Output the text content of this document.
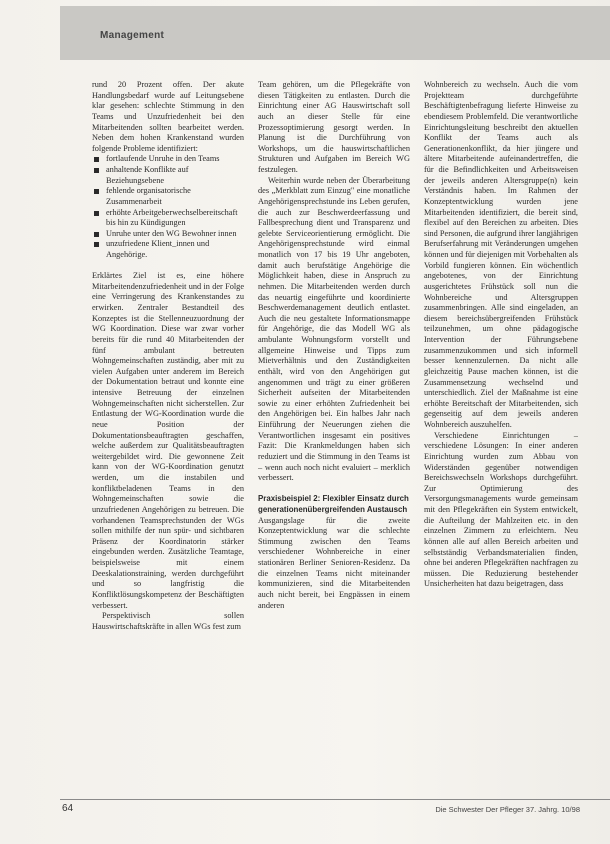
Management

rund 20 Prozent offen. Der akute Handlungsbedarf wurde auf Leitungsebene klar gesehen: schlechte Stimmung in den Teams und Unzufriedenheit bei den Mitarbeitenden sollten bearbeitet werden. Neben dem hohen Krankenstand wurden folgende Probleme identifiziert:

fortlaufende Unruhe in den Teams
anhaltende Konflikte auf Beziehungsebene
fehlende organisatorische Zusammenarbeit
erhöhte Arbeitgeberwechselbereitschaft bis hin zu Kündigungen
Unruhe unter den WG Bewohner innen
unzufriedene Klient_innen und Angehörige.

Erklärtes Ziel ist es, eine höhere Mitarbeitendenzufriedenheit und in der Folge eine Verringerung des Krankenstandes zu erwirken. Zentraler Bestandteil des Konzeptes ist die Stellenneuzuordnung der WG Koordination. Diese war zwar vorher bereits für die rund 40 Mitarbeitenden der fünf ambulant betreuten Wohngemeinschaften zuständig, aber mit zu vielen Aufgaben unter anderem im Bereich der Dokumentation betraut und konnte eine intensive Betreuung der einzelnen Wohngemeinschaften nicht sicherstellen. Zur Entlastung der WG-Koordination wurde die neue Position der Dokumentationsbeauftragten geschaffen, welche außerdem zur Qualitätsbeauftragten weitergebildet wird. Die gewonnene Zeit kann von der WG-Koordination genutzt werden, um die instabilen und konfliktbeladenen Teams in den Wohngemeinschaften sowie die unzufriedenen Angehörigen zu betreuen. Die vorhandenen Teamsprechstunden der WGs sollen mithilfe der nun spür- und sichtbaren Präsenz der Koordinatorin stärker eingebunden werden. Zusätzliche Teamtage, beispielsweise mit einem Deeskalationstraining, werden durchgeführt und so langfristig die Konfliktlösungskompetenz der Beschäftigten verbessert.

Perspektivisch sollen Hauswirtschaftskräfte in allen WGs fest zum

Team gehören, um die Pflegekräfte von diesen Tätigkeiten zu entlasten. Durch die Einrichtung einer AG Hauswirtschaft soll auch an dieser Stelle für eine Prozessoptimierung gesorgt werden. In Planung ist die Durchführung von Workshops, um die hauswirtschaftlichen Strukturen und Aufgaben im Bereich WG festzulegen.

Weiterhin wurde neben der Überarbeitung des „Merkblatt zum Einzug" eine monatliche Angehörigensprechstunde ins Leben gerufen, die auch zur Beschwerdeerfassung und Fallbesprechung dient und Transparenz und gelebte Serviceorientierung ermöglicht. Die Angehörigensprechstunde wird einmal monatlich von 17 bis 19 Uhr angeboten, damit auch berufstätige Angehörige die Möglichkeit haben, diese in Anspruch zu nehmen. Die Mitarbeitenden werden durch das neuartig eingeführte und koordinierte Beschwerdemanagement deutlich entlastet. Auch die neu gestaltete Informationsmappe für Angehörige, die das Modell WG als ambulante Wohnungsform vorstellt und allgemeine Hinweise und Tipps zum Mietverhältnis und den Zuständigkeiten enthält, wird von den Angehörigen gut angenommen und trägt zu einer größeren Sicherheit aufseiten der Mitarbeitenden sowie zu einer erhöhten Zufriedenheit bei den Angehörigen bei. Ein halbes Jahr nach Einführung der Neuerungen ziehen die Verantwortlichen insgesamt ein positives Fazit: Die Krankmeldungen haben sich reduziert und die Stimmung in den Teams ist – wenn auch noch nicht evaluiert – merklich verbessert.

Praxisbeispiel 2: Flexibler Einsatz durch generationenübergreifenden Austausch

Ausgangslage für die zweite Konzeptentwicklung war die schlechte Stimmung zwischen den Teams verschiedener Wohnbereiche in einer stationären Berliner Senioren-Residenz. Da die einzelnen Teams nicht miteinander kommunizieren, sind die Mitarbeitenden auch nicht bereit, bei Engpässen in einem anderen

Wohnbereich zu wechseln. Auch die vom Projektteam durchgeführte Beschäftigtenbefragung lieferte Hinweise zu ebendiesem Problemfeld. Die verantwortliche Einrichtungsleitung beschreibt den aktuellen Konflikt der Teams auch als Generationenkonflikt, da hier jüngere und ältere Mitarbeitende aufeinandertreffen, die für die Befindlichkeiten und Arbeitsweisen der jeweils anderen Altersgruppe(n) kein Verständnis haben. Im Rahmen der Konzeptentwicklung wurden jene Mitarbeitenden identifiziert, die bereit sind, flexibel auf den Bereichen zu arbeiten. Dies sind Personen, die aufgrund ihrer langjährigen Berufserfahrung mit Veränderungen umgehen können und für diejenigen mit Vorbehalten als Vorbild fungieren können. Ein wöchentlich angebotenes, von der Einrichtung ausgerichtetes Frühstück soll nun die Wohnbereiche und Altersgruppen zusammenbringen. Alle sind eingeladen, an diesem bereichsübergreifenden Frühstück teilzunehmen, um ohne pädagogische Intervention der Führungsebene zusammenzukommen und sich informell besser kennenzulernen. Da nicht alle gleichzeitig Pause machen können, ist die Zusammensetzung wechselnd und unterschiedlich. Ziel der Maßnahme ist eine erhöhte Bereitschaft der Mitarbeitenden, sich gegenseitig auf dem jeweils anderen Wohnbereich auszuhelfen.

Verschiedene Einrichtungen – verschiedene Lösungen: In einer anderen Einrichtung wurden zum Abbau von Widerständen gegenüber notwendigen Bereichswechseln Workshops durchgeführt. Zur Optimierung des Versorgungsmanagements wurde gemeinsam mit den Pflegekräften ein System entwickelt, die Aufteilung der Mahlzeiten etc. in den einzelnen Zimmern zu erleichtern. Neu können alle auf allen Bereich arbeiten und selbstständig Verbandsmaterialien finden, ohne bei anderen Pflegekräften nachfragen zu müssen. Die Reduzierung bestehender Unsicherheiten hat dazu beigetragen, dass

64	Die Schwester Der Pfleger 37. Jahrg. 10/98
